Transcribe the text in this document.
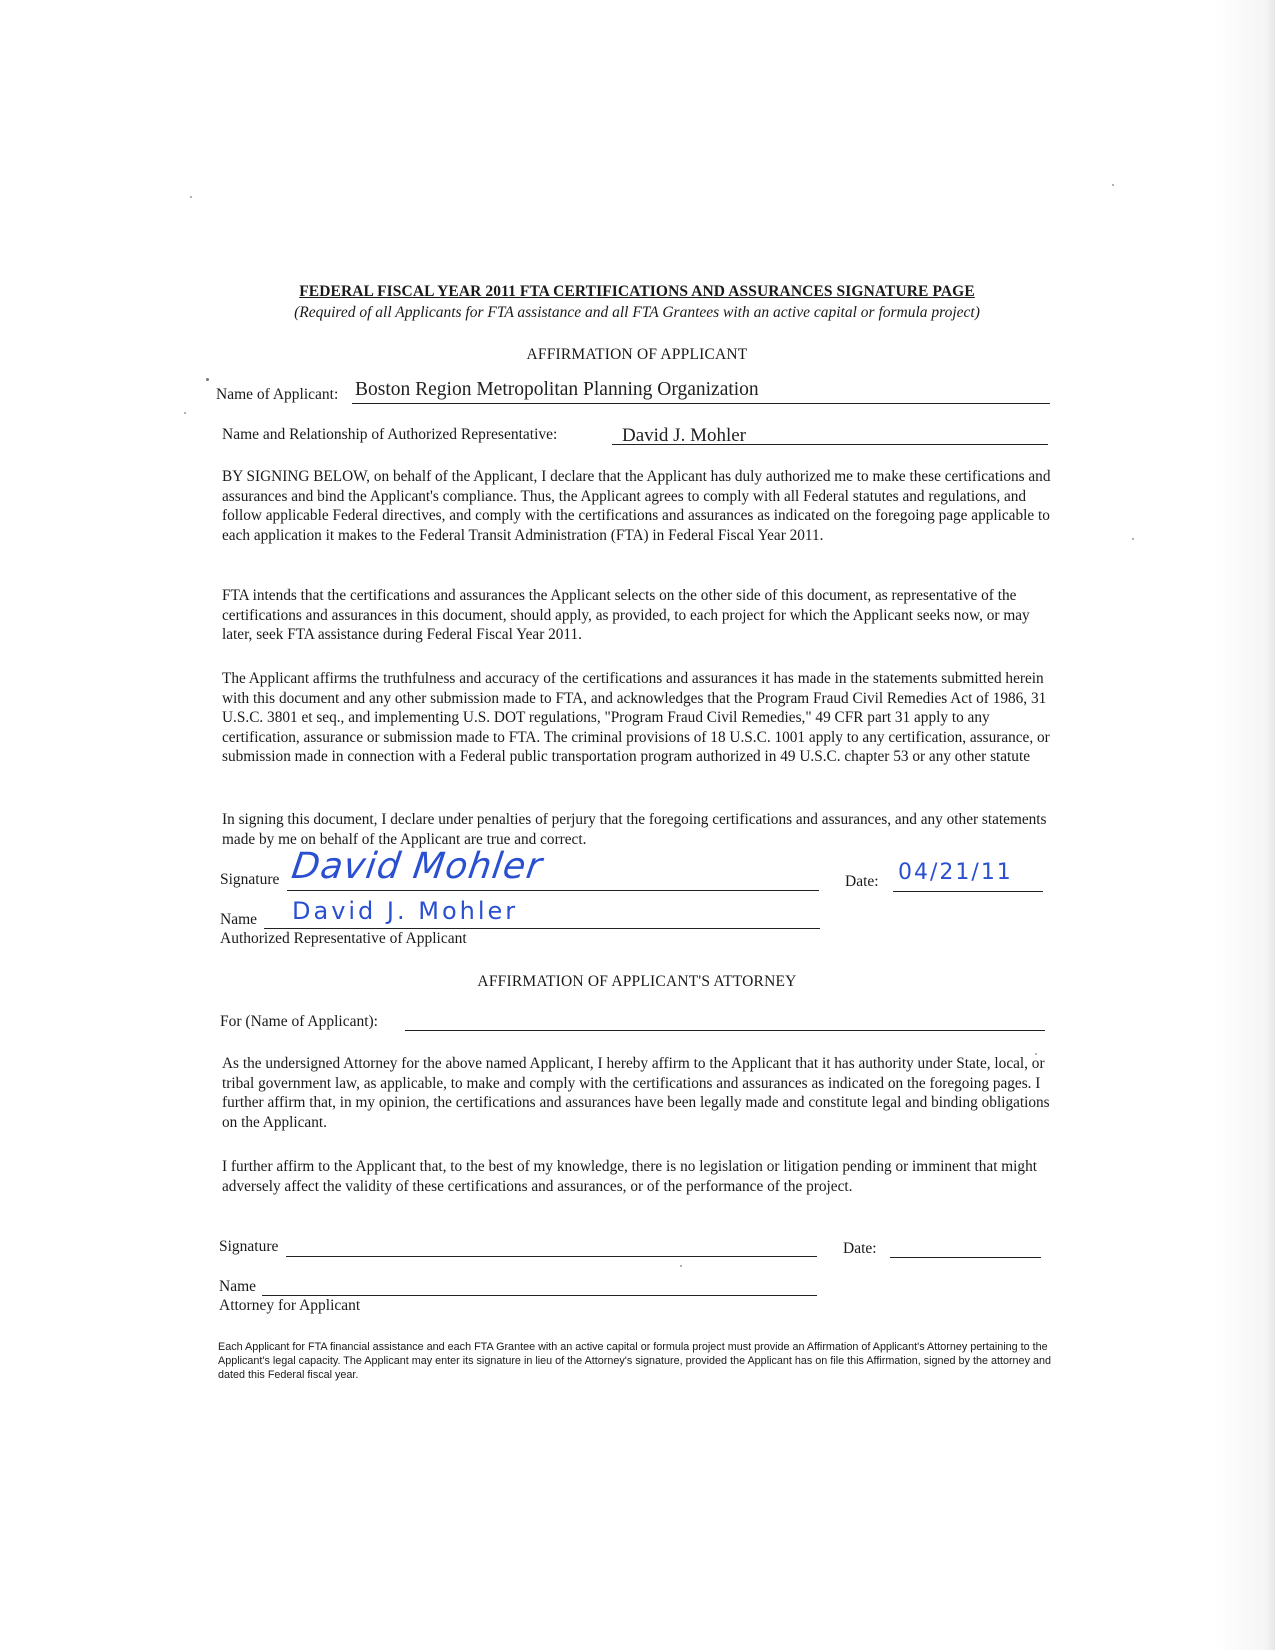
FEDERAL FISCAL YEAR 2011 FTA CERTIFICATIONS AND ASSURANCES SIGNATURE PAGE
(Required of all Applicants for FTA assistance and all FTA Grantees with an active capital or formula project)
AFFIRMATION OF APPLICANT
Name of Applicant: Boston Region Metropolitan Planning Organization
Name and Relationship of Authorized Representative:	David J. Mohler
BY SIGNING BELOW, on behalf of the Applicant, I declare that the Applicant has duly authorized me to make these certifications and assurances and bind the Applicant's compliance. Thus, the Applicant agrees to comply with all Federal statutes and regulations, and follow applicable Federal directives, and comply with the certifications and assurances as indicated on the foregoing page applicable to each application it makes to the Federal Transit Administration (FTA) in Federal Fiscal Year 2011.
FTA intends that the certifications and assurances the Applicant selects on the other side of this document, as representative of the certifications and assurances in this document, should apply, as provided, to each project for which the Applicant seeks now, or may later, seek FTA assistance during Federal Fiscal Year 2011.
The Applicant affirms the truthfulness and accuracy of the certifications and assurances it has made in the statements submitted herein with this document and any other submission made to FTA, and acknowledges that the Program Fraud Civil Remedies Act of 1986, 31 U.S.C. 3801 et seq., and implementing U.S. DOT regulations, "Program Fraud Civil Remedies," 49 CFR part 31 apply to any certification, assurance or submission made to FTA. The criminal provisions of 18 U.S.C. 1001 apply to any certification, assurance, or submission made in connection with a Federal public transportation program authorized in 49 U.S.C. chapter 53 or any other statute
In signing this document, I declare under penalties of perjury that the foregoing certifications and assurances, and any other statements made by me on behalf of the Applicant are true and correct.
Signature David Mohler	Date: 04/21/11
Name David J. Mohler
Authorized Representative of Applicant
AFFIRMATION OF APPLICANT'S ATTORNEY
For (Name of Applicant):
As the undersigned Attorney for the above named Applicant, I hereby affirm to the Applicant that it has authority under State, local, or tribal government law, as applicable, to make and comply with the certifications and assurances as indicated on the foregoing pages. I further affirm that, in my opinion, the certifications and assurances have been legally made and constitute legal and binding obligations on the Applicant.
I further affirm to the Applicant that, to the best of my knowledge, there is no legislation or litigation pending or imminent that might adversely affect the validity of these certifications and assurances, or of the performance of the project.
Signature	Date:
Name
Attorney for Applicant
Each Applicant for FTA financial assistance and each FTA Grantee with an active capital or formula project must provide an Affirmation of Applicant's Attorney pertaining to the Applicant's legal capacity. The Applicant may enter its signature in lieu of the Attorney's signature, provided the Applicant has on file this Affirmation, signed by the attorney and dated this Federal fiscal year.
